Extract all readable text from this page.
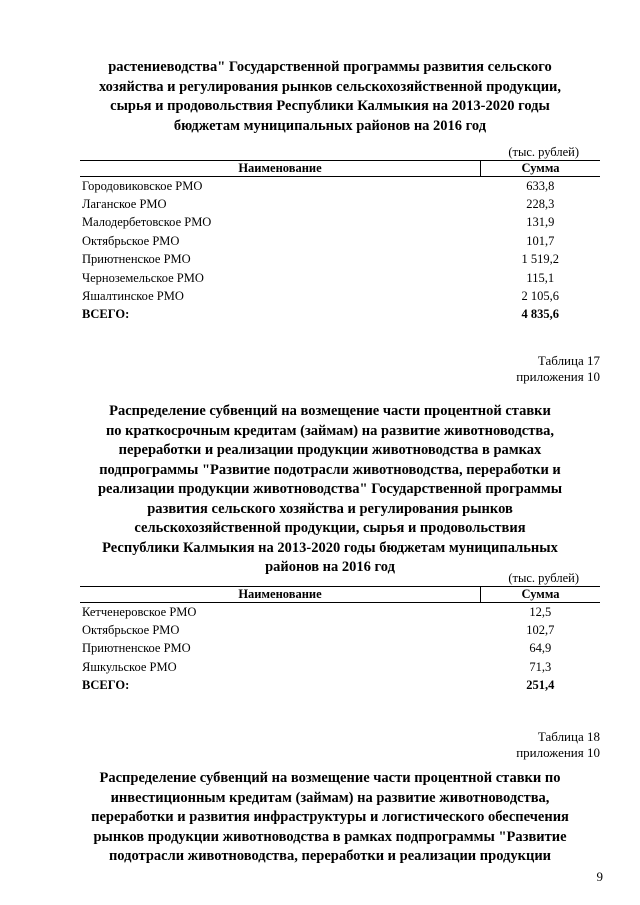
растениеводства" Государственной программы развития сельского
хозяйства и регулирования рынков сельскохозяйственной продукции,
сырья и продовольствия Республики Калмыкия на 2013-2020 годы
бюджетам муниципальных районов на 2016 год
(тыс. рублей)
Наименование	Сумма
Городовиковское РМО	633,8
Лаганское РМО	228,3
Малодербетовское РМО	131,9
Октябрьское РМО	101,7
Приютненское РМО	1 519,2
Черноземельское РМО	115,1
Яшалтинское РМО	2 105,6
ВСЕГО:	4 835,6
Таблица 17
приложения 10
Распределение субвенций на возмещение части процентной ставки
по краткосрочным кредитам (займам) на развитие животноводства,
переработки и реализации продукции животноводства в рамках
подпрограммы "Развитие подотрасли животноводства, переработки и
реализации продукции животноводства" Государственной программы
развития сельского хозяйства и регулирования рынков
сельскохозяйственной продукции, сырья и продовольствия
Республики Калмыкия на 2013-2020 годы бюджетам муниципальных
районов на 2016 год
(тыс. рублей)
Наименование	Сумма
Кетченеровское РМО	12,5
Октябрьское РМО	102,7
Приютненское РМО	64,9
Яшкульское РМО	71,3
ВСЕГО:	251,4
Таблица 18
приложения 10
Распределение субвенций на возмещение части процентной ставки по
инвестиционным кредитам (займам) на развитие животноводства,
переработки и развития инфраструктуры и логистического обеспечения
рынков продукции животноводства в рамках подпрограммы "Развитие
подотрасли животноводства, переработки и реализации продукции
9
